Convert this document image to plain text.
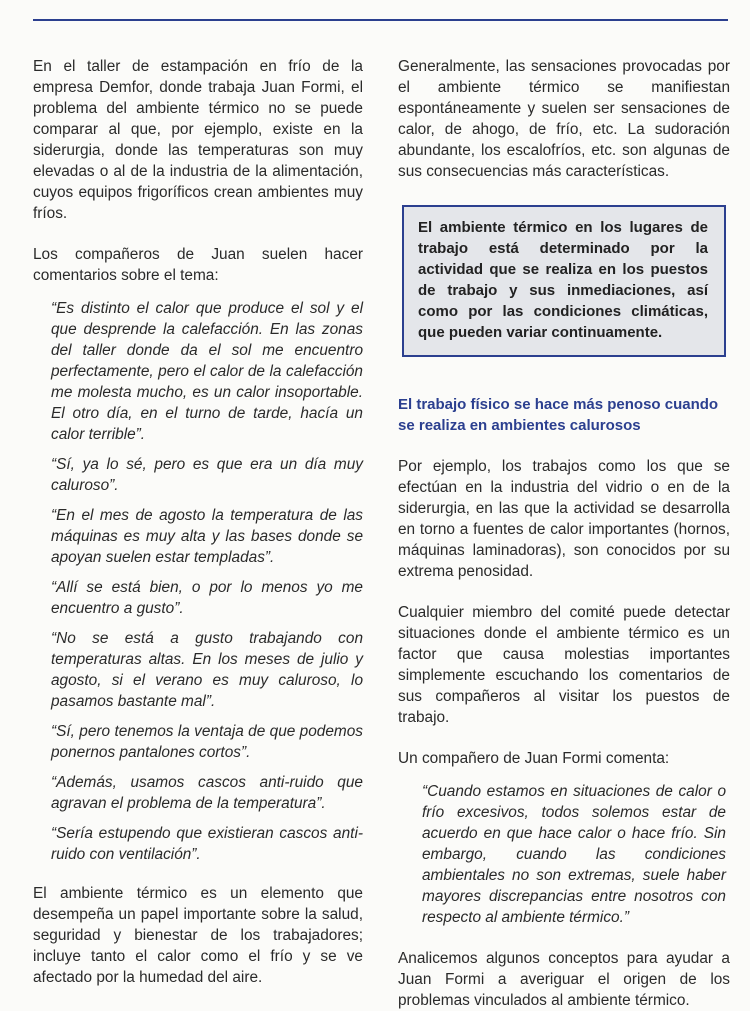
En el taller de estampación en frío de la empresa Demfor, donde trabaja Juan Formi, el problema del ambiente térmico no se puede comparar al que, por ejemplo, existe en la siderurgia, donde las temperaturas son muy elevadas o al de la industria de la alimentación, cuyos equipos frigoríficos crean ambientes muy fríos.

Los compañeros de Juan suelen hacer comentarios sobre el tema:

“Es distinto el calor que produce el sol y el que desprende la calefacción. En las zonas del taller donde da el sol me encuentro perfectamente, pero el calor de la calefacción me molesta mucho, es un calor insoportable. El otro día, en el turno de tarde, hacía un calor terrible”.

“Sí, ya lo sé, pero es que era un día muy caluroso”.

“En el mes de agosto la temperatura de las máquinas es muy alta y las bases donde se apoyan suelen estar templadas”.

“Allí se está bien, o por lo menos yo me encuentro a gusto”.

“No se está a gusto trabajando con temperaturas altas. En los meses de julio y agosto, si el verano es muy caluroso, lo pasamos bastante mal”.

“Sí, pero tenemos la ventaja de que podemos ponernos pantalones cortos”.

“Además, usamos cascos anti-ruido que agravan el problema de la temperatura”.

“Sería estupendo que existieran cascos anti-ruido con ventilación”.

El ambiente térmico es un elemento que desempeña un papel importante sobre la salud, seguridad y bienestar de los trabajadores; incluye tanto el calor como el frío y se ve afectado por la humedad del aire.

Generalmente, las sensaciones provocadas por el ambiente térmico se manifiestan espontáneamente y suelen ser sensaciones de calor, de ahogo, de frío, etc. La sudoración abundante, los escalofríos, etc. son algunas de sus consecuencias más características.

El ambiente térmico en los lugares de trabajo está determinado por la actividad que se realiza en los puestos de trabajo y sus inmediaciones, así como por las condiciones climáticas, que pueden variar continuamente.

El trabajo físico se hace más penoso cuando se realiza en ambientes calurosos

Por ejemplo, los trabajos como los que se efectúan en la industria del vidrio o en de la siderurgia, en las que la actividad se desarrolla en torno a fuentes de calor importantes (hornos, máquinas laminadoras), son conocidos por su extrema penosidad.

Cualquier miembro del comité puede detectar situaciones donde el ambiente térmico es un factor que causa molestias importantes simplemente escuchando los comentarios de sus compañeros al visitar los puestos de trabajo.

Un compañero de Juan Formi comenta:

“Cuando estamos en situaciones de calor o frío excesivos, todos solemos estar de acuerdo en que hace calor o hace frío. Sin embargo, cuando las condiciones ambientales no son extremas, suele haber mayores discrepancias entre nosotros con respecto al ambiente térmico.”

Analicemos algunos conceptos para ayudar a Juan Formi a averiguar el origen de los problemas vinculados al ambiente térmico.
